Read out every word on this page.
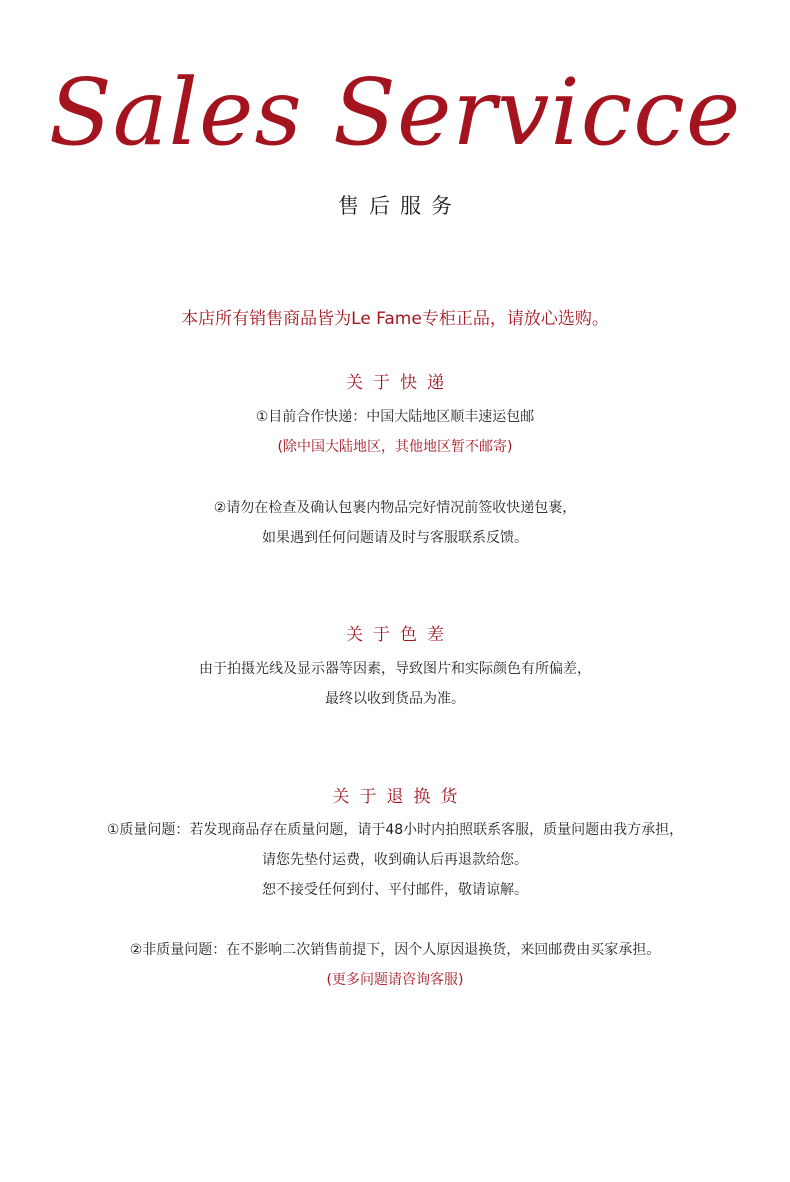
Sales Servicce
售后服务
本店所有销售商品皆为Le Fame专柜正品，请放心选购。
关于快递
①目前合作快递：中国大陆地区顺丰速运包邮
(除中国大陆地区，其他地区暂不邮寄)
②请勿在检查及确认包裹内物品完好情况前签收快递包裹，
如果遇到任何问题请及时与客服联系反馈。
关于色差
由于拍摄光线及显示器等因素，导致图片和实际颜色有所偏差，
最终以收到货品为准。
关于退换货
①质量问题：若发现商品存在质量问题，请于48小时内拍照联系客服，质量问题由我方承担，
请您先垫付运费，收到确认后再退款给您。
恕不接受任何到付、平付邮件，敬请谅解。
②非质量问题：在不影响二次销售前提下，因个人原因退换货，来回邮费由买家承担。
(更多问题请咨询客服)
